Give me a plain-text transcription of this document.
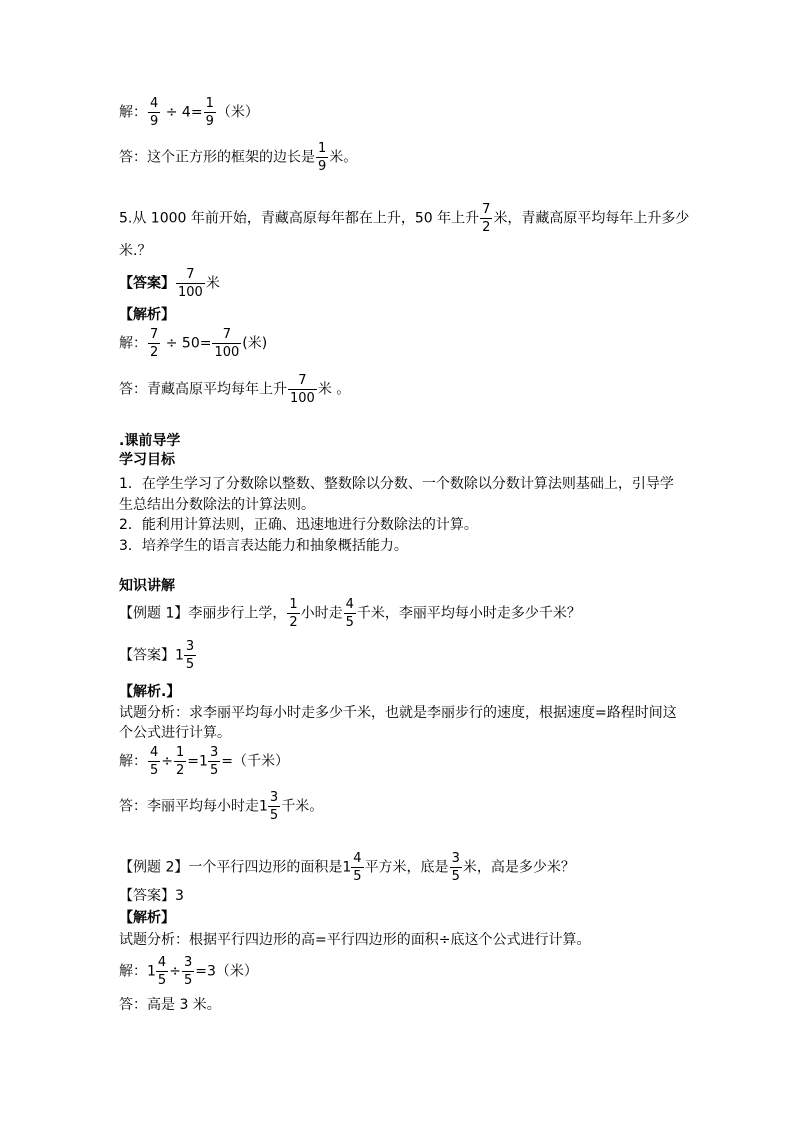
解： $\frac{4}{9} \div 4= \frac{1}{9}$ （米）
答：这个正方形的框架的边长是 $\frac{1}{9}$ 米。
5.从 1000 年前开始，青藏高原每年都在上升，50 年上升 $\frac{7}{2}$ 米，青藏高原平均每年上升多少
米.？
【答案】 $\frac{7}{100}$ 米
【解析】
解： $\frac{7}{2} \div 50= \frac{7}{100}$ (米)
答：青藏高原平均每年上升 $\frac{7}{100}$ 米 。
.课前导学
学习目标
1．在学生学习了分数除以整数、整数除以分数、一个数除以分数计算法则基础上，引导学
生总结出分数除法的计算法则。
2．能利用计算法则，正确、迅速地进行分数除法的计算。
3．培养学生的语言表达能力和抽象概括能力。
知识讲解
【例题 1】李丽步行上学， $\frac{1}{2}$ 小时走 $\frac{4}{5}$ 千米，李丽平均每小时走多少千米？
【答案】$1 \frac{3}{5}$
【解析.】
试题分析：求李丽平均每小时走多少千米，也就是李丽步行的速度，根据速度=路程时间这
个公式进行计算。
解： $\frac{4}{5} \div \frac{1}{2} =1 \frac{3}{5}$ =（千米）
答：李丽平均每小时走$1 \frac{3}{5}$ 千米。
【例题 2】一个平行四边形的面积是$1 \frac{4}{5}$ 平方米，底是 $\frac{3}{5}$ 米，高是多少米？
【答案】3
【解析】
试题分析：根据平行四边形的高=平行四边形的面积÷底这个公式进行计算。
解：$1 \frac{4}{5} \div \frac{3}{5} =3$（米）
答：高是 3 米。
